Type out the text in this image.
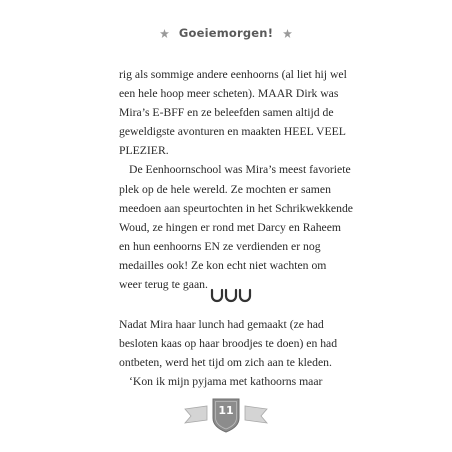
Goeiemorgen!

rig als sommige andere eenhoorns (al liet hij wel

een hele hoop meer scheten). MAAR Dirk was

Mira’s E-BFF en ze beleefden samen altijd de

geweldigste avonturen en maakten HEEL VEEL

PLEZIER.

De Eenhoornschool was Mira’s meest favoriete

plek op de hele wereld. Ze mochten er samen

meedoen aan speurtochten in het Schrikwekkende

Woud, ze hingen er rond met Darcy en Raheem

en hun eenhoorns EN ze verdienden er nog

medailles ook! Ze kon echt niet wachten om

weer terug te gaan.

Nadat Mira haar lunch had gemaakt (ze had

besloten kaas op haar broodjes te doen) en had

ontbeten, werd het tijd om zich aan te kleden.

‘Kon ik mijn pyjama met kathoorns maar

11
